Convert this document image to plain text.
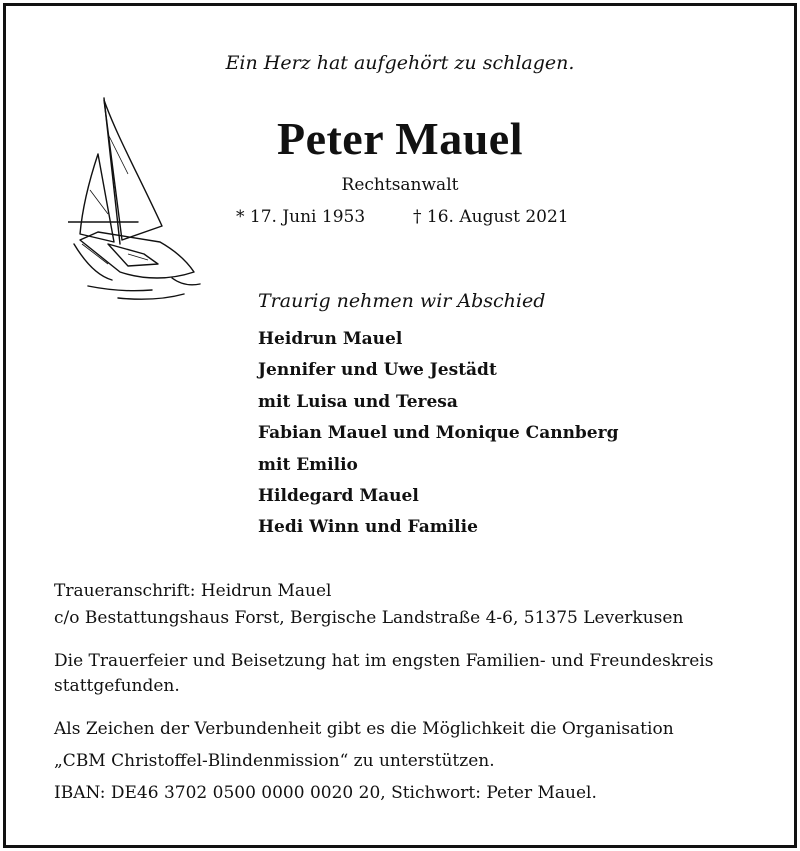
Ein Herz hat aufgehört zu schlagen.
Peter Mauel
Rechtsanwalt
* 17. Juni 1953	† 16. August 2021
Traurig nehmen wir Abschied
Heidrun Mauel
Jennifer und Uwe Jestädt
mit Luisa und Teresa
Fabian Mauel und Monique Cannberg
mit Emilio
Hildegard Mauel
Hedi Winn und Familie
Traueranschrift: Heidrun Mauel
c/o Bestattungshaus Forst, Bergische Landstraße 4-6, 51375 Leverkusen
Die Trauerfeier und Beisetzung hat im engsten Familien- und Freundeskreis
stattgefunden.
Als Zeichen der Verbundenheit gibt es die Möglichkeit die Organisation
„CBM Christoffel-Blindenmission“ zu unterstützen.
IBAN: DE46 3702 0500 0000 0020 20, Stichwort: Peter Mauel.
